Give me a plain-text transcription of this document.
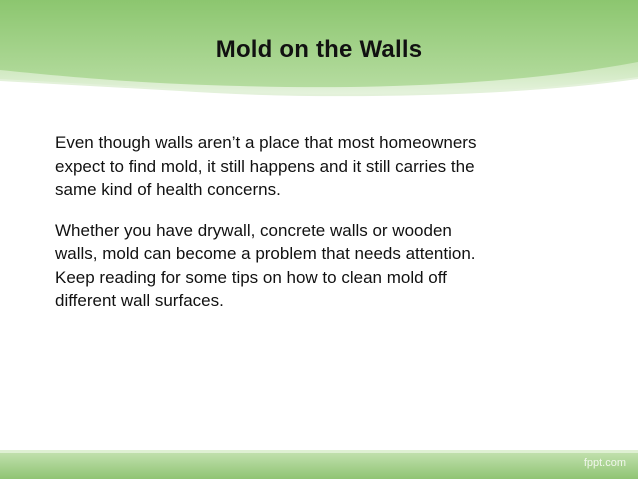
Mold on the Walls

Even though walls aren’t a place that most homeowners
expect to find mold, it still happens and it still carries the
same kind of health concerns.

Whether you have drywall, concrete walls or wooden
walls, mold can become a problem that needs attention.
Keep reading for some tips on how to clean mold off
different wall surfaces.

fppt.com
